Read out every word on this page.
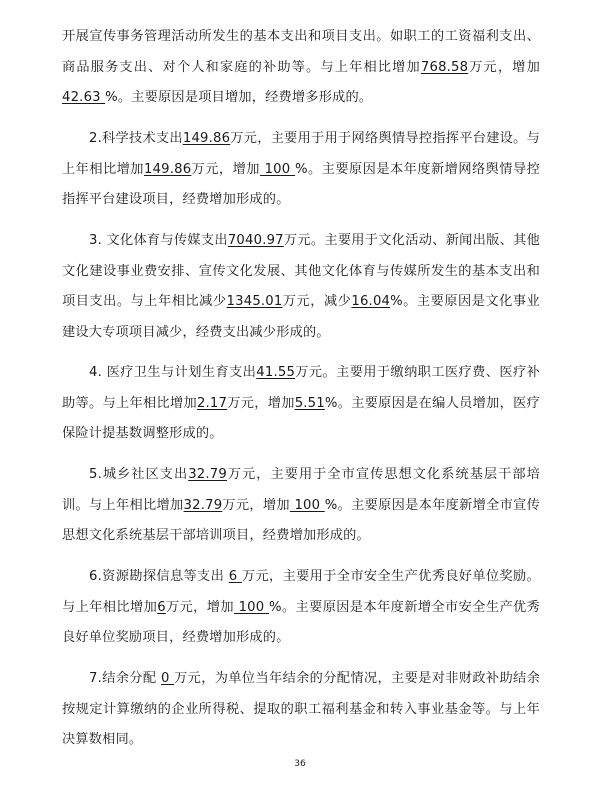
开展宣传事务管理活动所发生的基本支出和项目支出。如职工的工资福利支出、商品服务支出、对个人和家庭的补助等。与上年相比增加768.58万元，增加42.63 %。主要原因是项目增加，经费增多形成的。

2.科学技术支出149.86万元，主要用于用于网络舆情导控指挥平台建设。与上年相比增加149.86万元，增加 100 %。主要原因是本年度新增网络舆情导控指挥平台建设项目，经费增加形成的。

3. 文化体育与传媒支出7040.97万元。主要用于文化活动、新闻出版、其他文化建设事业费安排、宣传文化发展、其他文化体育与传媒所发生的基本支出和项目支出。与上年相比减少1345.01万元，减少16.04%。主要原因是文化事业建设大专项项目减少，经费支出减少形成的。

4. 医疗卫生与计划生育支出41.55万元。主要用于缴纳职工医疗费、医疗补助等。与上年相比增加2.17万元，增加5.51%。主要原因是在编人员增加，医疗保险计提基数调整形成的。

5.城乡社区支出32.79万元，主要用于全市宣传思想文化系统基层干部培训。与上年相比增加32.79万元，增加 100 %。主要原因是本年度新增全市宣传思想文化系统基层干部培训项目，经费增加形成的。

6.资源勘探信息等支出 6 万元，主要用于全市安全生产优秀良好单位奖励。与上年相比增加6万元，增加 100 %。主要原因是本年度新增全市安全生产优秀良好单位奖励项目，经费增加形成的。

7.结余分配 0 万元，为单位当年结余的分配情况，主要是对非财政补助结余按规定计算缴纳的企业所得税、提取的职工福利基金和转入事业基金等。与上年决算数相同。

36
